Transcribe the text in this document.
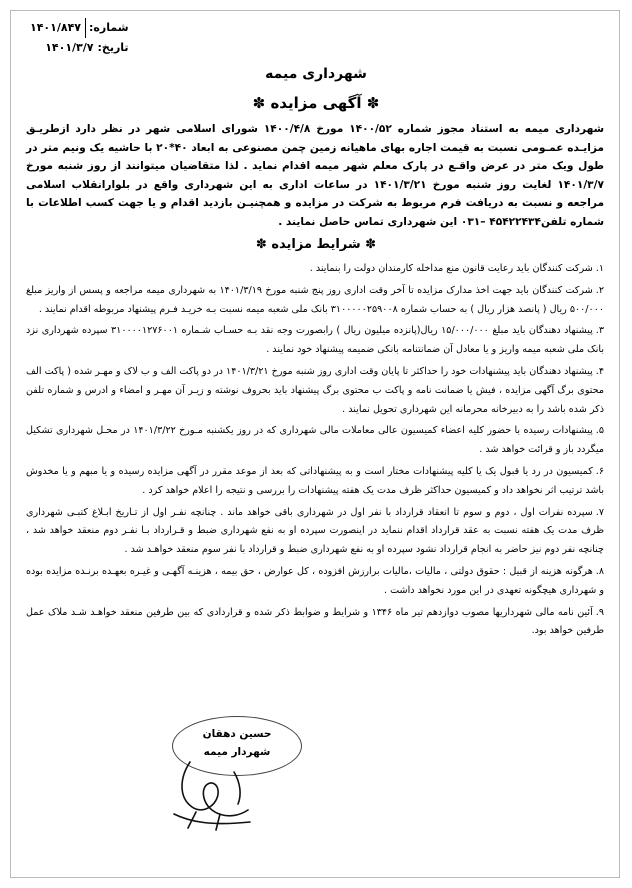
شماره:
۱۴۰۱/۸۴۷
تاریخ:
۱۴۰۱/۳/۷
شهرداری میمه
✽ آگهی مزایده ✽
شهرداری میمه به استناد مجوز شماره ۱۴۰۰/۵۲ مورخ ۱۴۰۰/۴/۸ شورای اسلامی شهر در نظر دارد ازطریـق مزایـده عمـومی نسبت به قیمت اجاره بهای ماهیانه زمین چمن مصنوعی به ابعاد ۴۰*۲۰ با حاشیه یک ونیم متر در طول ویک متر در عرض واقـع در پارک معلم شهر میمه اقدام نماید . لذا متقاضیان میتوانند از روز شنبه مورخ ۱۴۰۱/۳/۷ لغایت روز شنبه مورخ ۱۴۰۱/۳/۲۱ در ساعات اداری به این شهرداری واقع در بلوارانقلاب اسلامی مراجعه و نسبت به دریافت فرم مربوط به شرکت در مزایده و همچنیـن بازدید اقدام و یا جهت کسب اطلاعات با شماره تلفن۴۵۴۲۲۴۳۴ –۰۳۱ این شهرداری تماس حاصل نمایند .
✽ شرایط مزایده ✽

۱.شرکت کنندگان باید رعایت قانون منع مداخله کارمندان دولت را بنمایند .

۲.شرکت کنندگان باید جهت اخذ مدارک مزایده تا آخر وقت اداری روز پنج شنبه مورخ ۱۴۰۱/۳/۱۹ به شهرداری میمه مراجعه و پسس از واریز مبلغ ۵۰۰/۰۰۰ ریال ( پانصد هزار ریال ) به حساب شماره ۳۱۰۰۰۰۰۲۵۹۰۰۸ بانک ملی شعبه میمه نسبت بـه خریـد فـرم پیشنهاد مربوطه اقدام نمایند .

۳.پیشنهاد دهندگان باید مبلغ ۱۵/۰۰۰/۰۰۰ ریال(پانزده میلیون ریال ) رابصورت وجه نقد بـه حسـاب شـماره ۳۱۰۰۰۰۱۲۷۶۰۰۱ سپرده شهرداری نزد بانک ملی شعبه میمه واریز و یا معادل آن ضمانتنامه بانکی ضمیمه پیشنهاد خود نمایند .

۴.پیشنهاد دهندگان باید پیشنهادات خود را حداکثر تا پایان وقت اداری روز شنبه مورخ ۱۴۰۱/۳/۲۱ در دو پاکت الف و ب لاک و مهـر شده ( پاکت الف محتوی برگ آگهی مزایده ، فیش یا ضمانت نامه و پاکت ب محتوی برگ پیشنهاد باید بحروف نوشته و زیـر آن مهـر و امضاء و ادرس و شماره تلفن ذکر شده باشد را به دبیرخانه محرمانه این شهرداری تحویل نمایند .

۵.پیشنهادات رسیده با حضور کلیه اعضاء کمیسیون عالی معاملات مالی شهرداری که در روز یکشنبه مـورخ ۱۴۰۱/۳/۲۲ در محـل شهرداری تشکیل میگردد باز و قرائت خواهد شد .

۶.کمیسیون در رد یا قبول یک یا کلیه پیشنهادات مختار است و به پیشنهاداتی که بعد از موعد مقرر در آگهی مزایده رسیده و یا مبهم و یا مخدوش باشد ترتیب اثر نخواهد داد و کمیسیون حداکثر ظرف مدت یک هفته پیشنهادات را بررسی و نتیجه را اعلام خواهد کرد .

۷.سپرده نفرات اول ، دوم و سوم تا انعقاد قرارداد با نفر اول در شهرداری باقی خواهد ماند . چنانچه نفـر اول از تـاریخ ابـلاغ کتبـی شهرداری ظرف مدت یک هفته نسبت به عقد قرارداد اقدام ننماید در اینصورت سپرده او به نفع شهرداری ضبط و قـرارداد بـا نفـر دوم منعقد خواهد شد ، چنانچه نفر دوم نیز حاضر به انجام قرارداد نشود سپرده او به نفع شهرداری ضبط و قرارداد با نفر سوم منعقد خواهـد شد .

۸.هرگونه هزینه از قبیل : حقوق دولتی ، مالیات ،مالیات برارزش افزوده ، کل عوارض ، حق بیمه ، هزینـه آگهـی و غیـره بعهـده برنـده مزایده بوده و شهرداری هیچگونه تعهدی در این مورد نخواهد داشت .

۹.آئین نامه مالی شهرداریها مصوب دوازدهم تیر ماه ۱۳۴۶ و شرایط و ضوابط ذکر شده و قراردادی که بین طرفین منعقد خواهـد شـد ملاک عمل طرفین خواهد بود.

حسین دهقان
شهردار میمه
